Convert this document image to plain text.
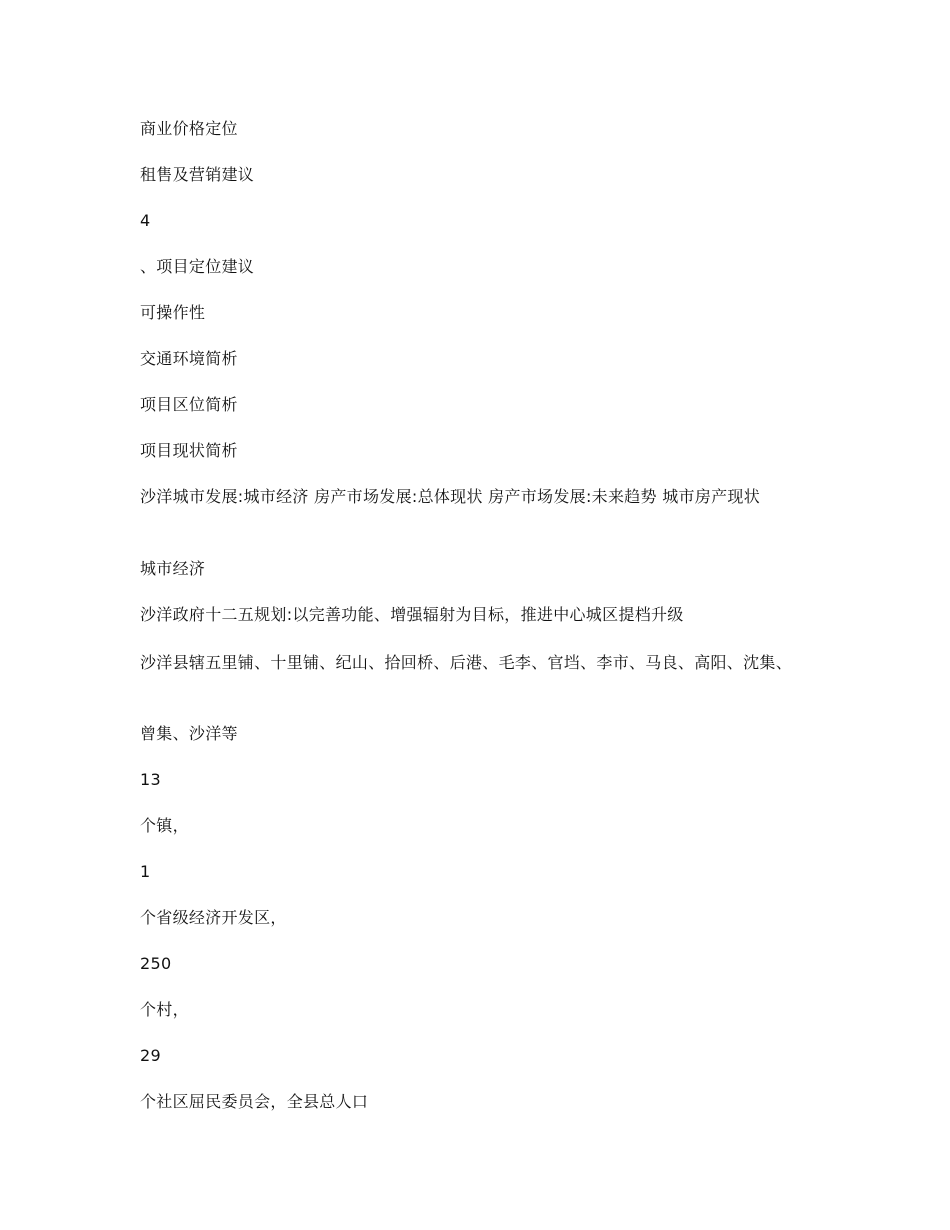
商业价格定位

租售及营销建议

4

、项目定位建议

可操作性

交通环境简析

项目区位简析

项目现状简析

沙洋城市发展:城市经济 房产市场发展:总体现状 房产市场发展:未来趋势 城市房产现状

城市经济

沙洋政府十二五规划:以完善功能、增强辐射为目标，推进中心城区提档升级

沙洋县辖五里铺、十里铺、纪山、拾回桥、后港、毛李、官垱、李市、马良、高阳、沈集、

曾集、沙洋等

13

个镇，

1

个省级经济开发区，

250

个村，

29

个社区屈民委员会，全县总人口
